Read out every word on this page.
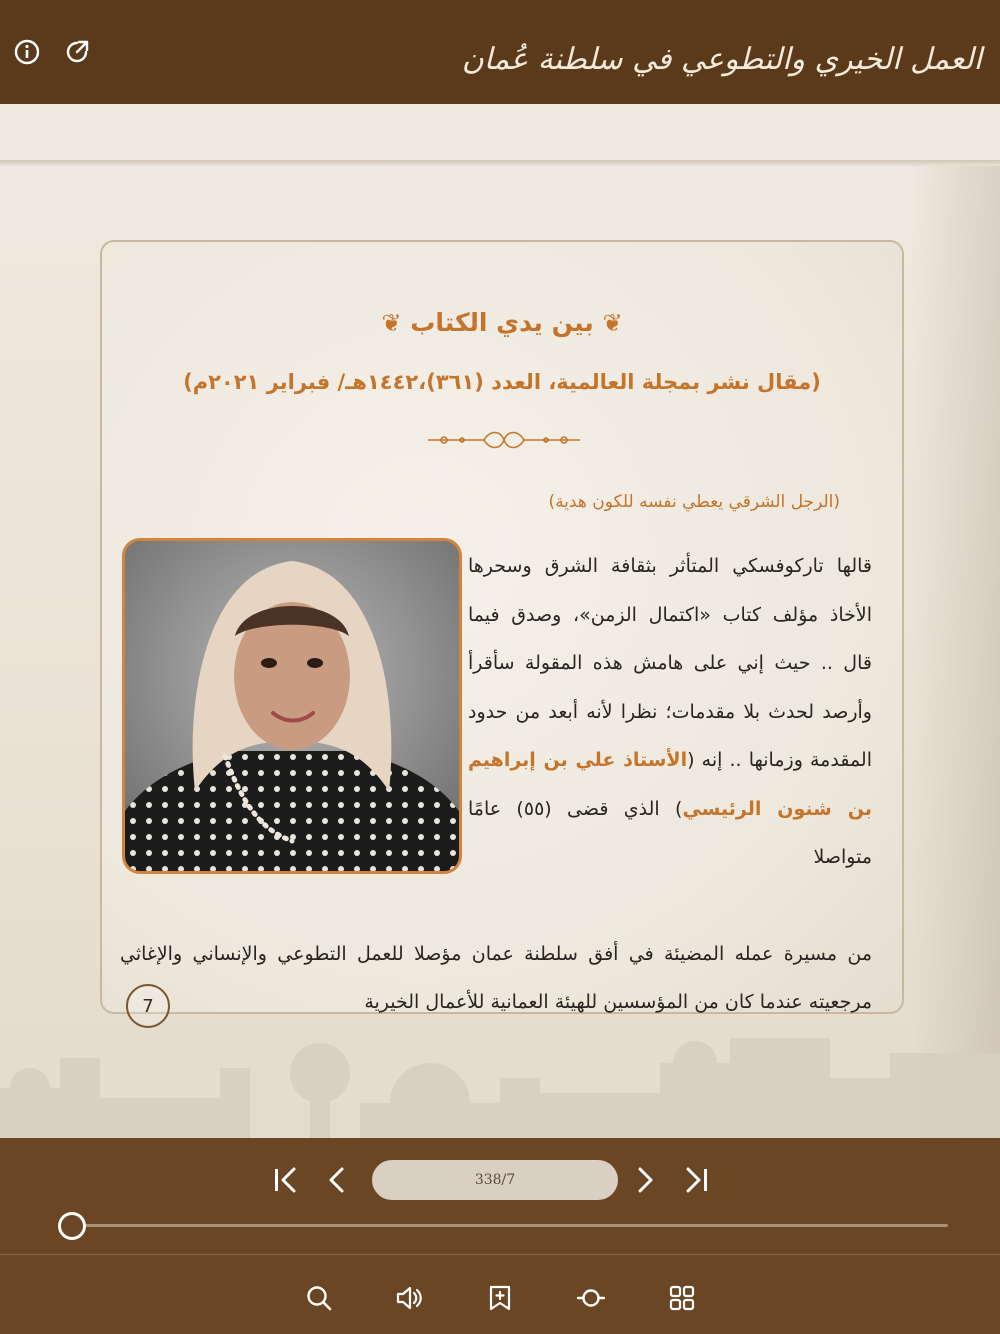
العمل الخيري والتطوعي في سلطنة عُمان
❦ بين يدي الكتاب ❦
(مقال نشر بمجلة العالمية، العدد (٣٦١)،١٤٤٢هـ/ فبراير ٢٠٢١م)
(الرجل الشرقي يعطي نفسه للكون هدية)
قالها تاركوفسكي المتأثر بثقافة الشرق وسحرها الأخاذ مؤلف كتاب «اكتمال الزمن»، وصدق فيما قال .. حيث إني على هامش هذه المقولة سأقرأ وأرصد لحدث بلا مقدمات؛ نظرا لأنه أبعد من حدود المقدمة وزمانها .. إنه (الأستاذ علي بن إبراهيم بن شنون الرئيسي) الذي قضى (٥٥) عامًا متواصلا
من مسيرة عمله المضيئة في أفق سلطنة عمان مؤصلا للعمل التطوعي والإنساني والإغاثي مرجعيته عندما كان من المؤسسين للهيئة العمانية للأعمال الخيرية
7
338/7
